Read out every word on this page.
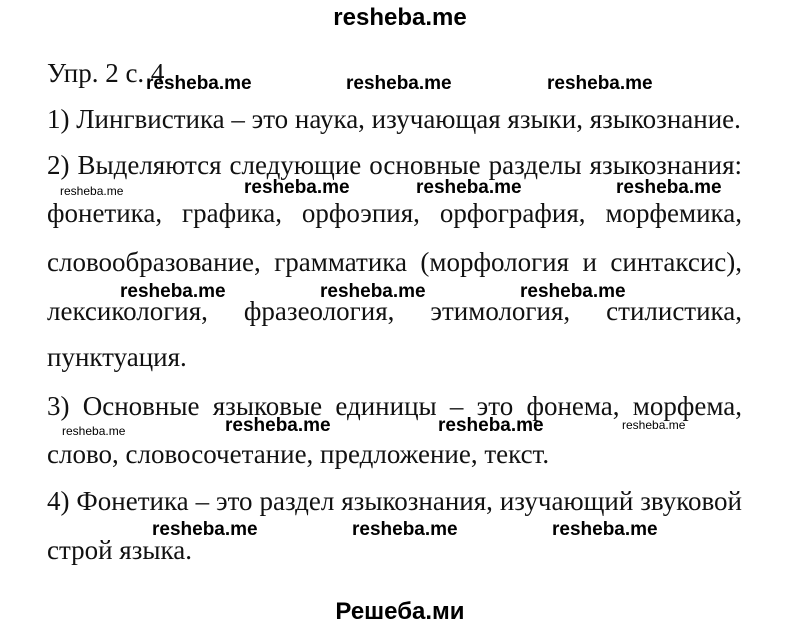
resheba.me
Упр. 2 с. 4
1) Лингвистика – это наука, изучающая языки, языкознание.
2) Выделяются следующие основные разделы языкознания:
фонетика, графика, орфоэпия, орфография, морфемика,
словообразование, грамматика (морфология и синтаксис),
лексикология, фразеология, этимология, стилистика,
пунктуация.
3) Основные языковые единицы – это фонема, морфема,
слово, словосочетание, предложение, текст.
4) Фонетика – это раздел языкознания, изучающий звуковой
строй языка.
resheba.me	resheba.me	resheba.me
resheba.me	resheba.me	resheba.me	resheba.me
resheba.me	resheba.me	resheba.me
resheba.me	resheba.me	resheba.me	resheba.me
resheba.me	resheba.me	resheba.me
Решеба.ми
